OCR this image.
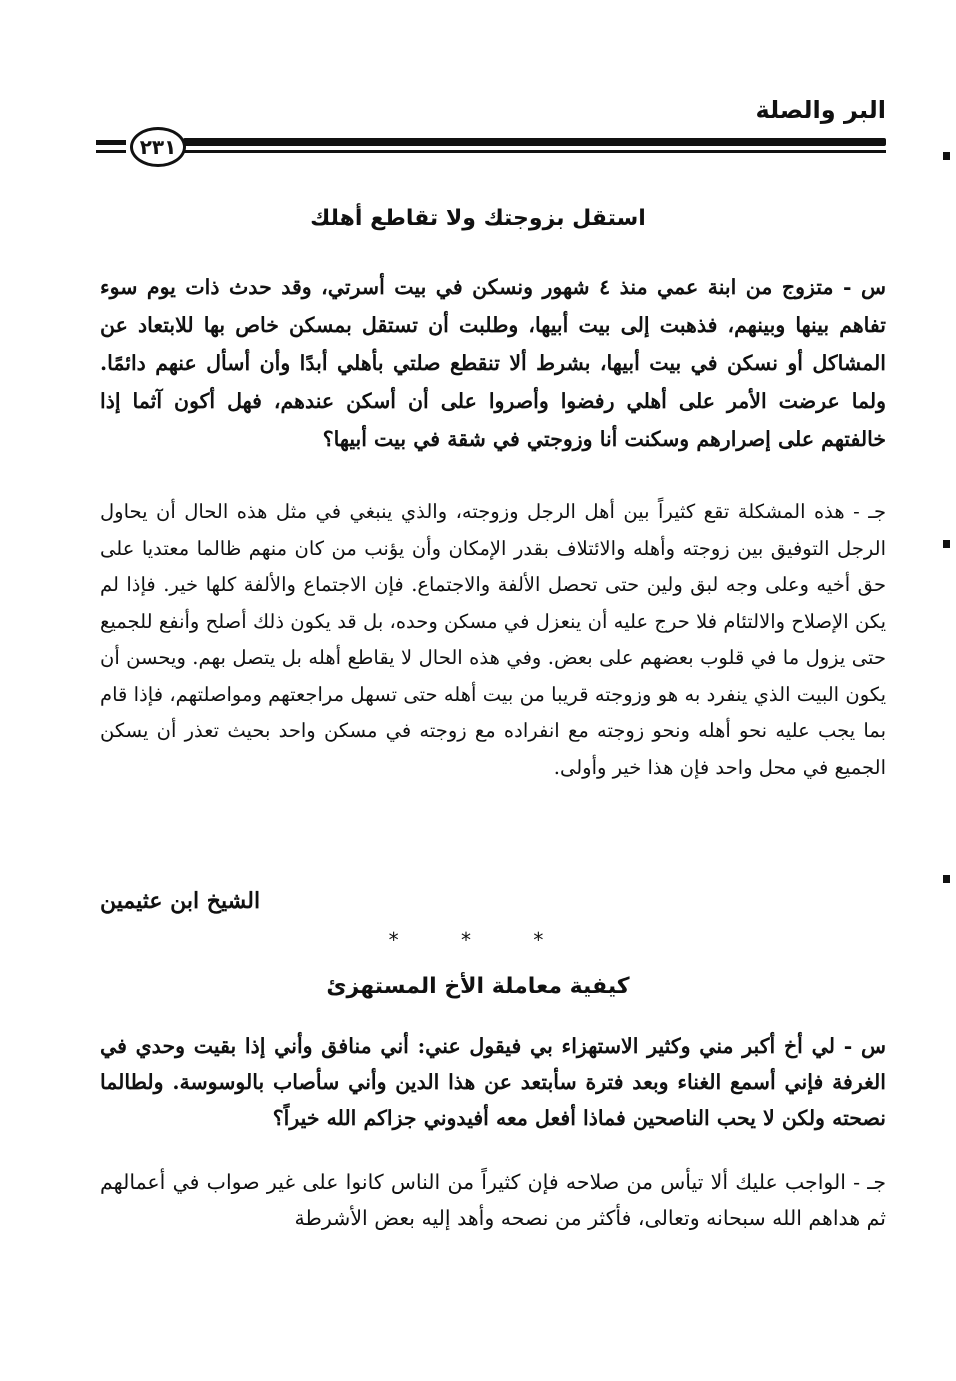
البر والصلة
٢٣١
استقل بزوجتك ولا تقاطع أهلك
س - متزوج من ابنة عمي منذ ٤ شهور ونسكن في بيت أسرتي، وقد حدث ذات يوم سوء تفاهم بينها وبينهم، فذهبت إلى بيت أبيها، وطلبت أن تستقل بمسكن خاص بها للابتعاد عن المشاكل أو نسكن في بيت أبيها، بشرط ألا تنقطع صلتي بأهلي أبدًا وأن أسأل عنهم دائمًا. ولما عرضت الأمر على أهلي رفضوا وأصروا على أن أسكن عندهم، فهل أكون آثما إذا خالفتهم على إصرارهم وسكنت أنا وزوجتي في شقة في بيت أبيها؟
جـ - هذه المشكلة تقع كثيراً بين أهل الرجل وزوجته، والذي ينبغي في مثل هذه الحال أن يحاول الرجل التوفيق بين زوجته وأهله والائتلاف بقدر الإمكان وأن يؤنب من كان منهم ظالما معتديا على حق أخيه وعلى وجه لبق ولين حتى تحصل الألفة والاجتماع. فإن الاجتماع والألفة كلها خير. فإذا لم يكن الإصلاح والالتئام فلا حرج عليه أن ينعزل في مسكن وحده، بل قد يكون ذلك أصلح وأنفع للجميع حتى يزول ما في قلوب بعضهم على بعض. وفي هذه الحال لا يقاطع أهله بل يتصل بهم. ويحسن أن يكون البيت الذي ينفرد به هو وزوجته قريبا من بيت أهله حتى تسهل مراجعتهم ومواصلتهم، فإذا قام بما يجب عليه نحو أهله ونحو زوجته مع انفراده مع زوجته في مسكن واحد بحيث تعذر أن يسكن الجميع في محل واحد فإن هذا خير وأولى.
الشيخ ابن عثيمين
* * *
كيفية معاملة الأخ المستهزئ
س - لي أخ أكبر مني وكثير الاستهزاء بي فيقول عني: أني منافق وأني إذا بقيت وحدي في الغرفة فإني أسمع الغناء وبعد فترة سأبتعد عن هذا الدين وأني سأصاب بالوسوسة. ولطالما نصحته ولكن لا يحب الناصحين فماذا أفعل معه أفيدوني جزاكم الله خيراً؟
جـ - الواجب عليك ألا تيأس من صلاحه فإن كثيراً من الناس كانوا على غير صواب في أعمالهم ثم هداهم الله سبحانه وتعالى، فأكثر من نصحه وأهد إليه بعض الأشرطة
